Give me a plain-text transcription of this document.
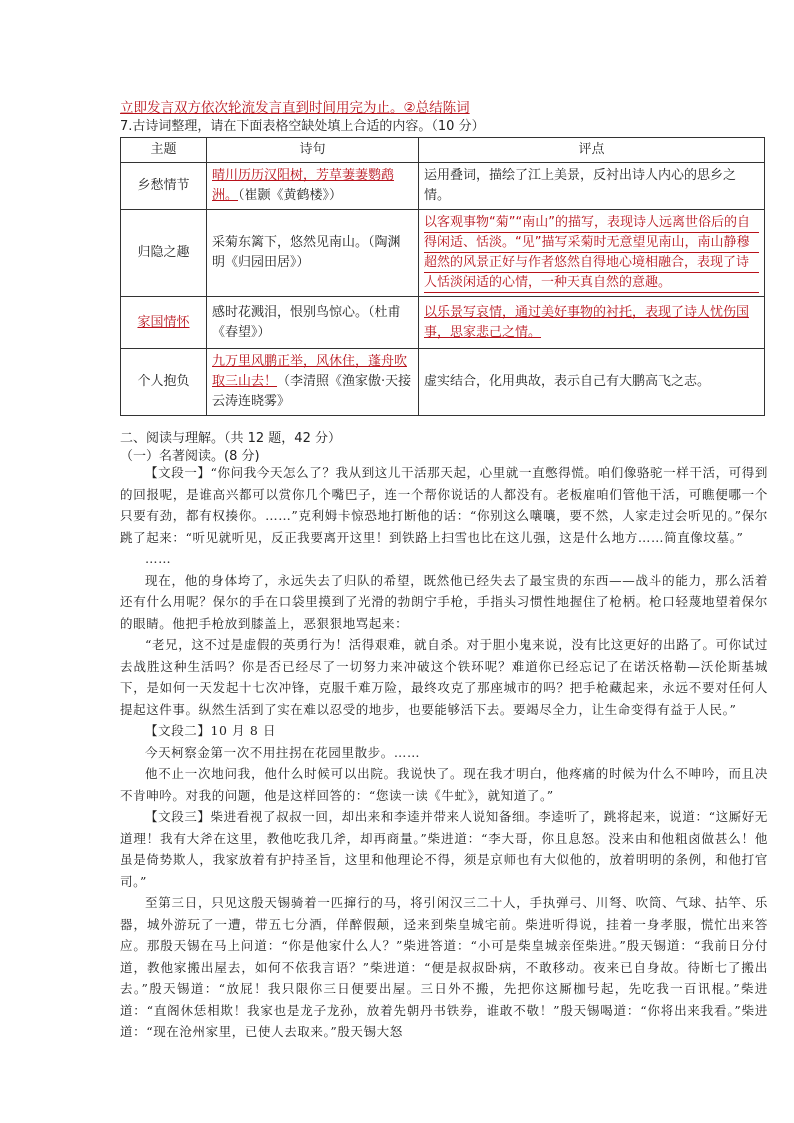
立即发言双方依次轮流发言直到时间用完为止。②总结陈词
7.古诗词整理，请在下面表格空缺处填上合适的内容。（10 分）
主题	诗句	评点
乡愁情节	晴川历历汉阳树，芳草萋萋鹦鹉洲。（崔颢《黄鹤楼》）	运用叠词，描绘了江上美景，反衬出诗人内心的思乡之情。
归隐之趣	采菊东篱下，悠然见南山。（陶渊明《归园田居》）	以客观事物“菊”“南山”的描写，表现诗人远离世俗后的自得闲适、恬淡。“见”描写采菊时无意望见南山，南山静穆超然的风景正好与作者悠然自得地心境相融合，表现了诗人恬淡闲适的心情，一种天真自然的意趣。

家国情怀	感时花溅泪，恨别鸟惊心。（杜甫《春望》）	以乐景写哀情，通过美好事物的衬托，表现了诗人忧伤国事，思家悲己之情。
个人抱负	九万里风鹏正举，风休住，蓬舟吹取三山去！（李清照《渔家傲·天接云涛连晓雾》	虚实结合，化用典故，表示自己有大鹏高飞之志。
二、阅读与理解。（共 12 题，42 分）
（一）名著阅读。(8 分)

【文段一】“你问我今天怎么了？我从到这儿干活那天起，心里就一直憋得慌。咱们像骆驼一样干活，可得到的回报呢，是谁高兴都可以赏你几个嘴巴子，连一个帮你说话的人都没有。老板雇咱们管他干活，可瞧便哪一个只要有劲，都有权揍你。……”克利姆卡惊恐地打断他的话：“你别这么嚷嚷，要不然，人家走过会听见的。”保尔跳了起来：“听见就听见，反正我要离开这里！到铁路上扫雪也比在这儿强，这是什么地方……简直像坟墓。”

……

现在，他的身体垮了，永远失去了归队的希望，既然他已经失去了最宝贵的东西——战斗的能力，那么活着还有什么用呢？保尔的手在口袋里摸到了光滑的勃朗宁手枪，手指头习惯性地握住了枪柄。枪口轻蔑地望着保尔的眼睛。他把手枪放到膝盖上，恶狠狠地骂起来：

“老兄，这不过是虚假的英勇行为！活得艰难，就自杀。对于胆小鬼来说，没有比这更好的出路了。可你试过去战胜这种生活吗？你是否已经尽了一切努力来冲破这个铁环呢？难道你已经忘记了在诺沃格勒—沃伦斯基城下，是如何一天发起十七次冲锋，克服千难万险，最终攻克了那座城市的吗？把手枪藏起来，永远不要对任何人提起这件事。纵然生活到了实在难以忍受的地步，也要能够活下去。要竭尽全力，让生命变得有益于人民。”

【文段二】10 月 8 日

今天柯察金第一次不用拄拐在花园里散步。……

他不止一次地问我，他什么时候可以出院。我说快了。现在我才明白，他疼痛的时候为什么不呻吟，而且决不肯呻吟。对我的问题，他是这样回答的：“您读一读《牛虻》，就知道了。”

【文段三】柴进看视了叔叔一回，却出来和李逵并带来人说知备细。李逵听了，跳将起来，说道：“这厮好无道理！我有大斧在这里，教他吃我几斧，却再商量。”柴进道：“李大哥，你且息怒。没来由和他粗卤做甚么！他虽是倚势欺人，我家放着有护持圣旨，这里和他理论不得，须是京师也有大似他的，放着明明的条例，和他打官司。”

至第三日，只见这殷天锡骑着一匹撺行的马，将引闲汉三二十人，手执弹弓、川弩、吹筒、气球、拈竿、乐器，城外游玩了一遭，带五七分酒，佯醉假颠，迳来到柴皇城宅前。柴进听得说，挂着一身孝服，慌忙出来答应。那殷天锡在马上问道：“你是他家什么人？”柴进答道：“小可是柴皇城亲侄柴进。”殷天锡道：“我前日分付道，教他家搬出屋去，如何不依我言语？”柴进道：“便是叔叔卧病，不敢移动。夜来已自身故。待断七了搬出去。”殷天锡道：“放屁！我只限你三日便要出屋。三日外不搬，先把你这厮枷号起，先吃我一百讯棍。”柴进道：“直阁休恁相欺！我家也是龙子龙孙，放着先朝丹书铁券，谁敢不敬！”殷天锡喝道：“你将出来我看。”柴进道：“现在沧州家里，已使人去取来。”殷天锡大怒
